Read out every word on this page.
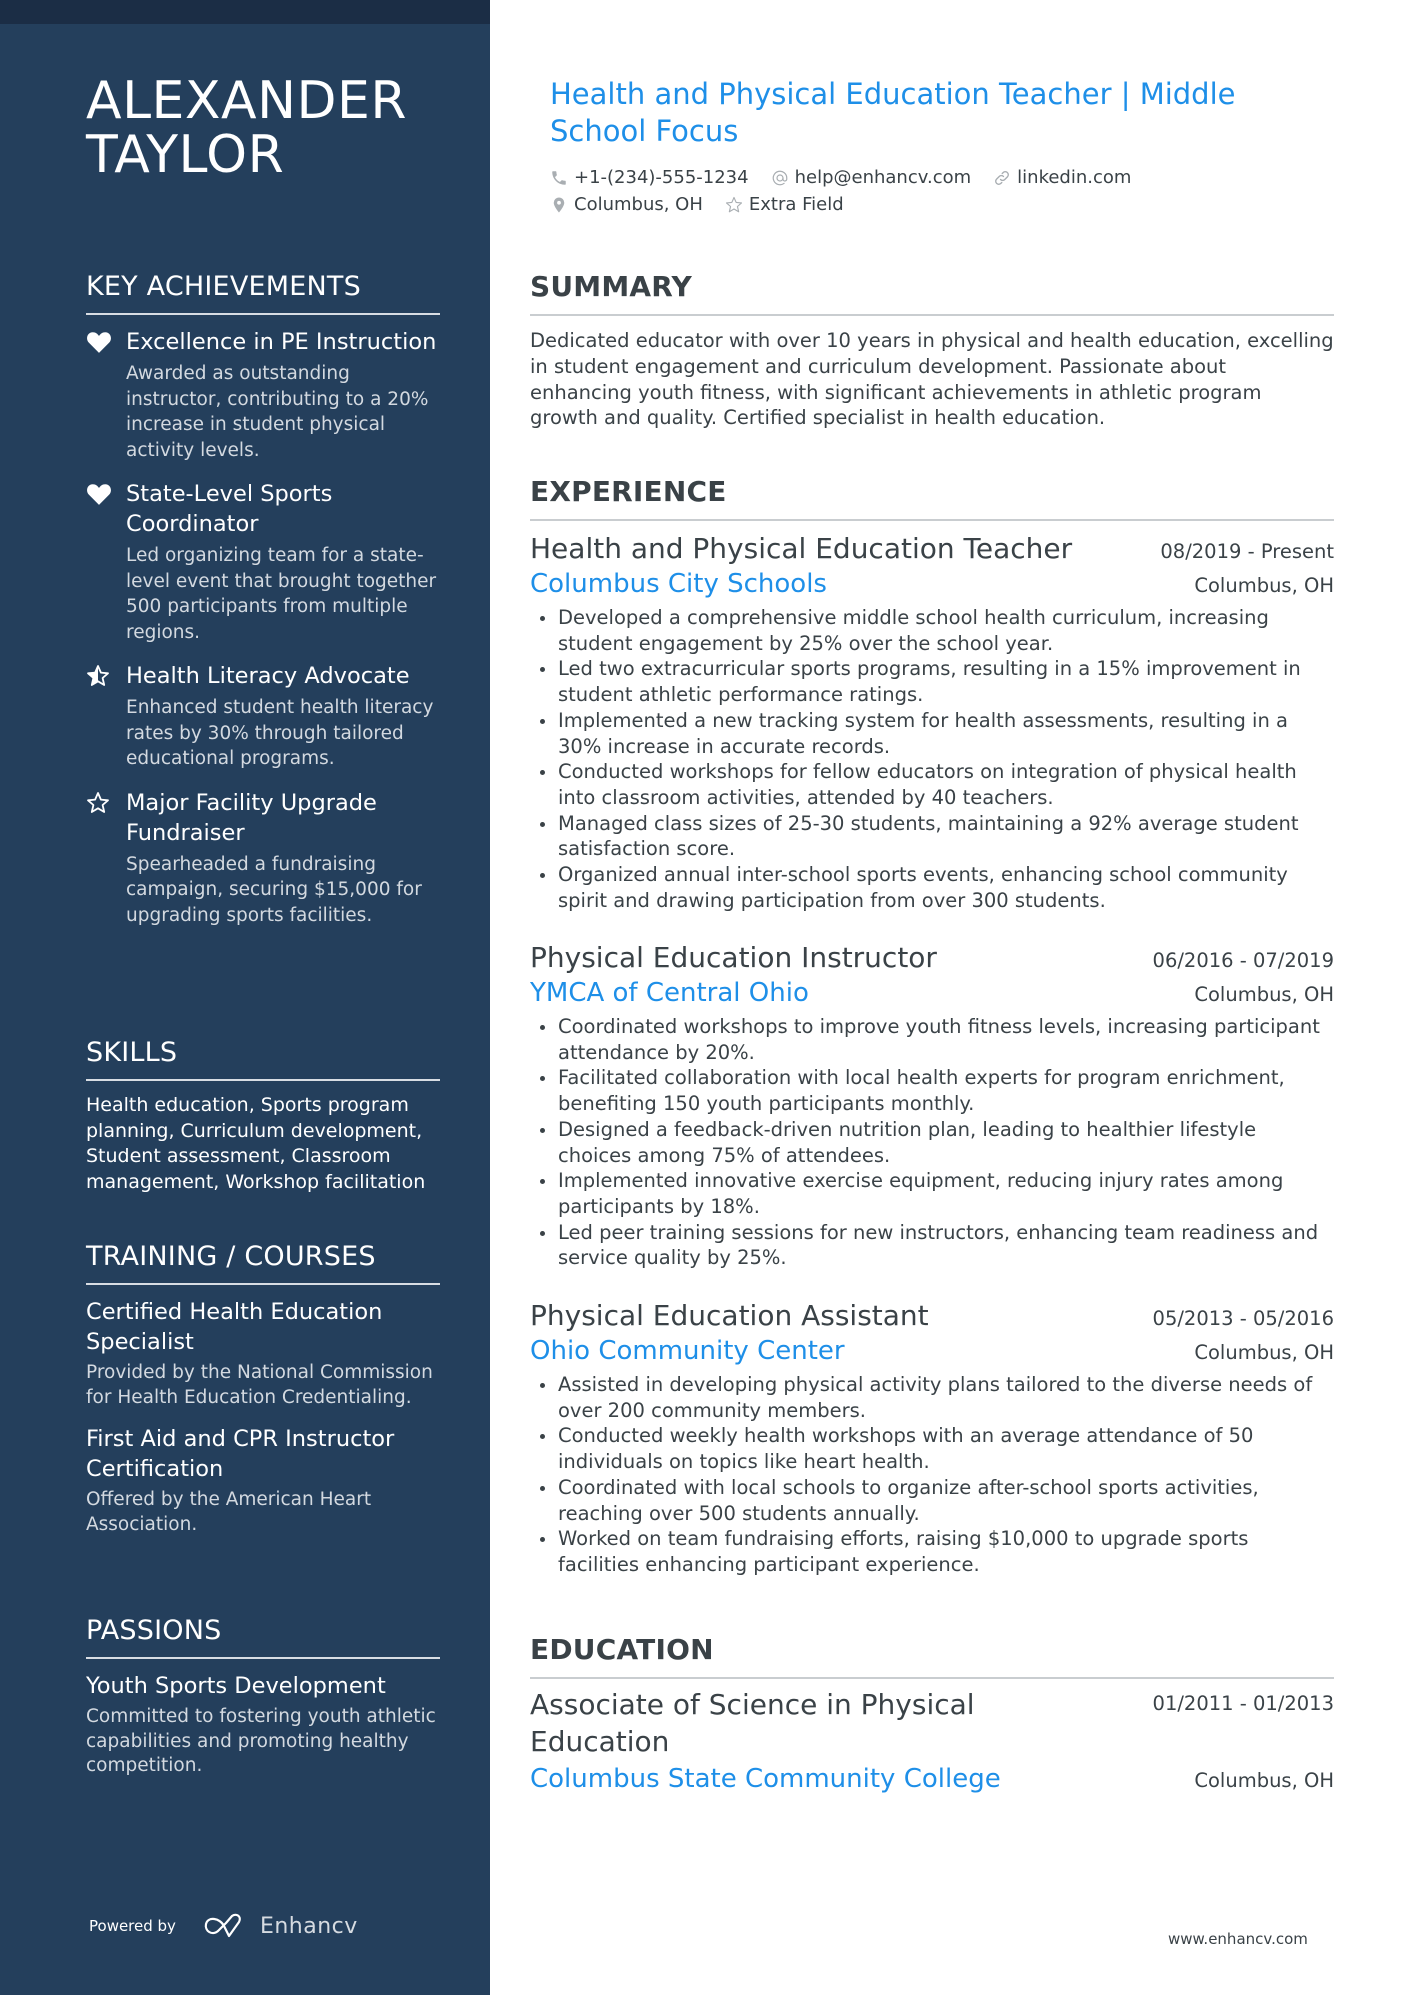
ALEXANDER TAYLOR
KEY ACHIEVEMENTS
Excellence in PE Instruction
Awarded as outstanding instructor, contributing to a 20% increase in student physical activity levels.
State-Level Sports Coordinator
Led organizing team for a state-level event that brought together 500 participants from multiple regions.
Health Literacy Advocate
Enhanced student health literacy rates by 30% through tailored educational programs.
Major Facility Upgrade Fundraiser
Spearheaded a fundraising campaign, securing $15,000 for upgrading sports facilities.
SKILLS

Health education, Sports program planning, Curriculum development, Student assessment, Classroom management, Workshop facilitation

TRAINING / COURSES
Certified Health Education Specialist
Provided by the National Commission for Health Education Credentialing.
First Aid and CPR Instructor Certification
Offered by the American Heart Association.
PASSIONS
Youth Sports Development
Committed to fostering youth athletic capabilities and promoting healthy competition.
Powered by	Enhancv
Health and Physical Education Teacher | Middle School Focus
+1-(234)-555-1234	help@enhancv.com	linkedin.com
Columbus, OH	Extra Field
SUMMARY

Dedicated educator with over 10 years in physical and health education, excelling in student engagement and curriculum development. Passionate about enhancing youth fitness, with significant achievements in athletic program growth and quality. Certified specialist in health education.

EXPERIENCE
Health and Physical Education Teacher	08/2019 - Present
Columbus City Schools	Columbus, OH
Developed a comprehensive middle school health curriculum, increasing student engagement by 25% over the school year.
Led two extracurricular sports programs, resulting in a 15% improvement in student athletic performance ratings.
Implemented a new tracking system for health assessments, resulting in a 30% increase in accurate records.
Conducted workshops for fellow educators on integration of physical health into classroom activities, attended by 40 teachers.
Managed class sizes of 25-30 students, maintaining a 92% average student satisfaction score.
Organized annual inter-school sports events, enhancing school community spirit and drawing participation from over 300 students.
Physical Education Instructor	06/2016 - 07/2019
YMCA of Central Ohio	Columbus, OH
Coordinated workshops to improve youth fitness levels, increasing participant attendance by 20%.
Facilitated collaboration with local health experts for program enrichment, benefiting 150 youth participants monthly.
Designed a feedback-driven nutrition plan, leading to healthier lifestyle choices among 75% of attendees.
Implemented innovative exercise equipment, reducing injury rates among participants by 18%.
Led peer training sessions for new instructors, enhancing team readiness and service quality by 25%.
Physical Education Assistant	05/2013 - 05/2016
Ohio Community Center	Columbus, OH
Assisted in developing physical activity plans tailored to the diverse needs of over 200 community members.
Conducted weekly health workshops with an average attendance of 50 individuals on topics like heart health.
Coordinated with local schools to organize after-school sports activities, reaching over 500 students annually.
Worked on team fundraising efforts, raising $10,000 to upgrade sports facilities enhancing participant experience.
EDUCATION
Associate of Science in Physical Education
01/2011 - 01/2013
Columbus State Community College	Columbus, OH
www.enhancv.com
